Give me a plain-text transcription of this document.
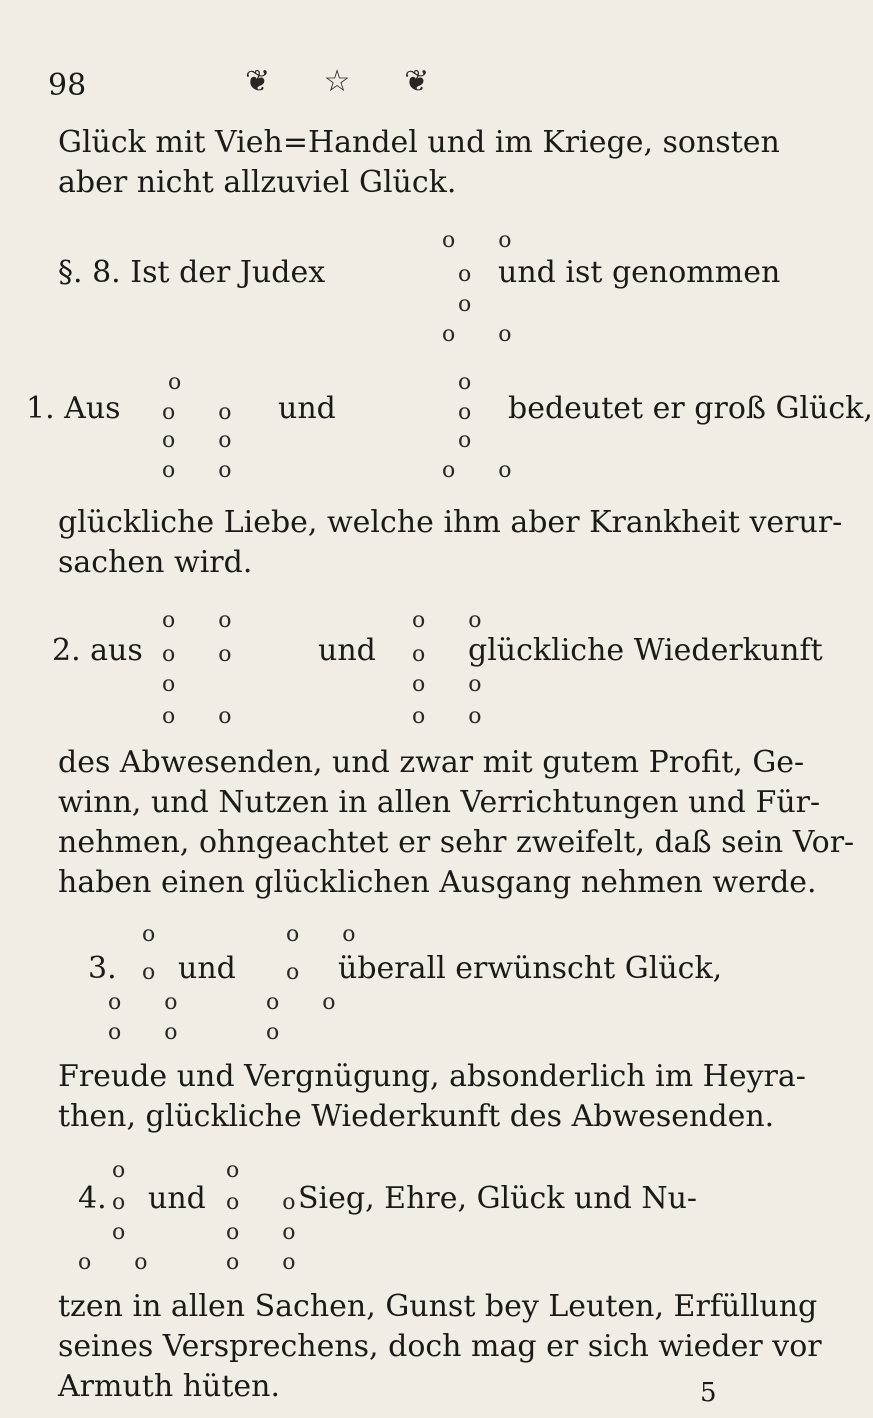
98	❦ ☆ ❦
Glück mit Vieh=Handel und im Kriege, sonsten
aber nicht allzuviel Glück.
o o
§. 8. Ist der Judex	o und ist genommen
o
o o
o	o
1. Aus	o o und	o bedeutet er groß Glück,
o o	o
o o	o o
glückliche Liebe, welche ihm aber Krankheit verur-
sachen wird.
o o	o o
2. aus o o und	o glückliche Wiederkunft
o	o o
o o	o o
des Abwesenden, und zwar mit gutem Profit, Ge-
winn, und Nutzen in allen Verrichtungen und Für-
nehmen, ohngeachtet er sehr zweifelt, daß sein Vor-
haben einen glücklichen Ausgang nehmen werde.
o	o o
3.	o und	o überall erwünscht Glück,
o o	o o
o o	o
Freude und Vergnügung, absonderlich im Heyra-
then, glückliche Wiederkunft des Abwesenden.
o	o
4. o und o o
Sieg, Ehre, Glück und Nu-
o	o o
o o	o o
tzen in allen Sachen, Gunst bey Leuten, Erfüllung
seines Versprechens, doch mag er sich wieder vor
Armuth hüten.	5
